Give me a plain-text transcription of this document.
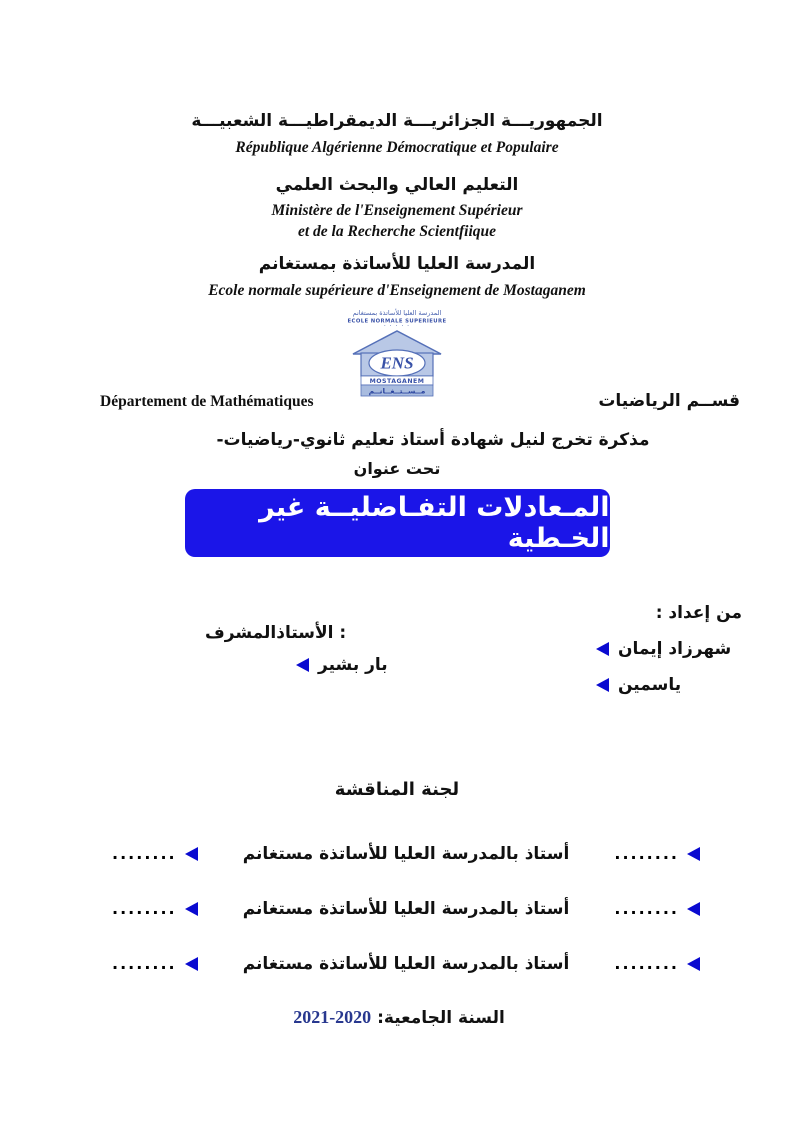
الجمهوريـــة الجزائريـــة الديمقراطيـــة الشعبيـــة
République Algérienne Démocratique et Populaire
التعليم العالي والبحث العلمي
Ministère de l'Enseignement Supérieur
et de la Recherche Scientfiique
المدرسة العليا للأساتذة بمستغانم
Ecole normale supérieure d'Enseignement de Mostaganem
المدرسة العليا للأساتذة بمستغانم
ECOLE NORMALE SUPERIEURE
· · · · ·
ENS
MOSTAGANEM
مــســتــغــانــم
Département de Mathématiques	قســم الرياضيات
مذكرة تخرج لنيل شهادة أستاذ تعليم ثانوي-رياضيات-
تحت عنوان
المـعادلات التفـاضليــة غير الخـطية
من إعداد :
شهرزاد إيمان
ياسمين
الأستاذالمشرف :
بار بشير
لجنة المناقشة
........	أستاذ بالمدرسة العليا للأساتذة مستغانم	........
........	أستاذ بالمدرسة العليا للأساتذة مستغانم	........
........	أستاذ بالمدرسة العليا للأساتذة مستغانم	........
السنة الجامعية: 2021-2020
